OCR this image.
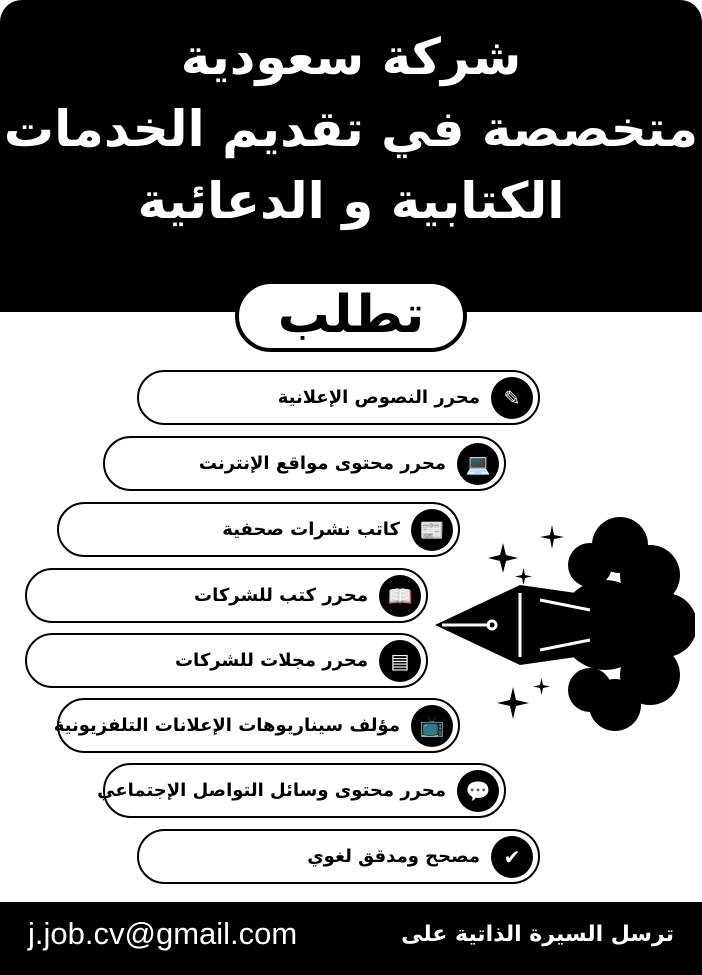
شركة سعودية
متخصصة في تقديم الخدمات
الكتابية و الدعائية
تطلب
✎
محرر النصوص الإعلانية
💻
محرر محتوى مواقع الإنترنت
📰
كاتب نشرات صحفية
📖
محرر كتب للشركات
▤
محرر مجلات للشركات
📺
مؤلف سيناريوهات الإعلانات التلفزيونية
💬
محرر محتوى وسائل التواصل الإجتماعي
✔
مصحح ومدقق لغوي
j.job.cv@gmail.com	ترسل السيرة الذاتية على
